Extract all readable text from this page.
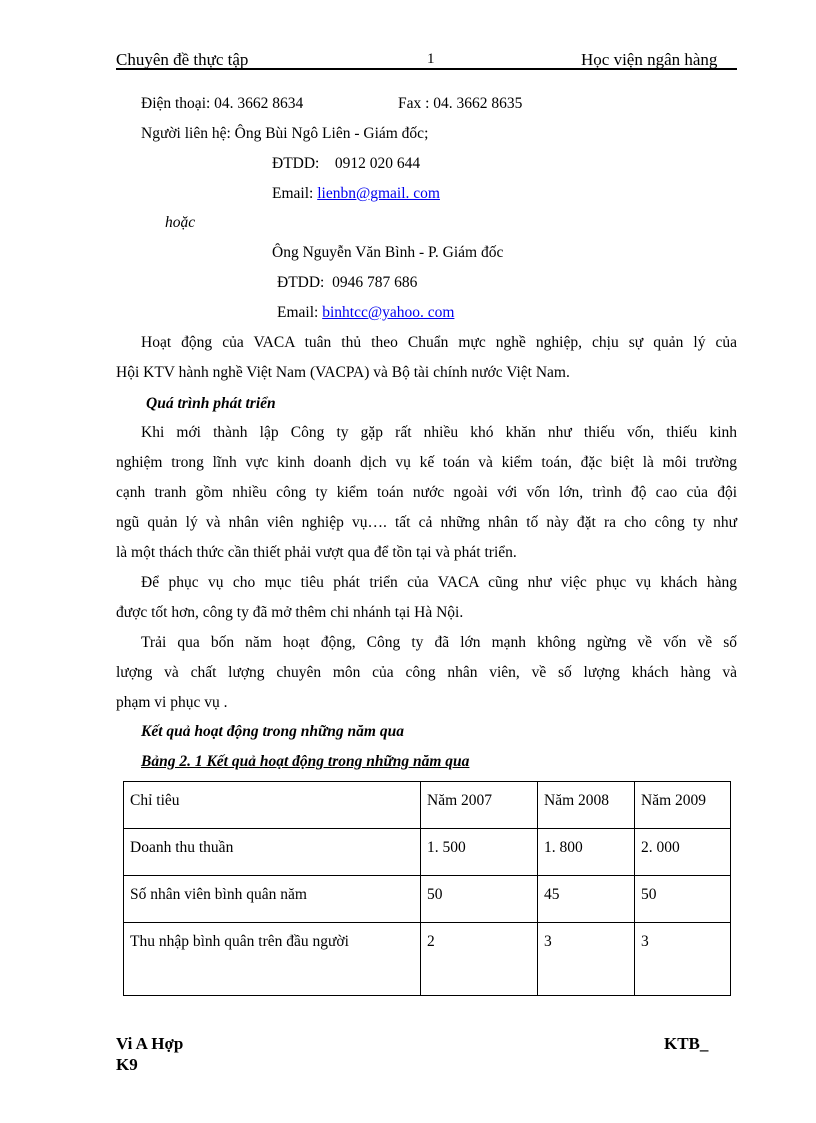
Chuyên đề thực tập	1	Học viện ngân hàng
Điện thoại: 04. 3662 8634	Fax : 04. 3662 8635
Người liên hệ: Ông Bùi Ngô Liên - Giám đốc;
ĐTDD:    0912 020 644
Email: lienbn@gmail. com
hoặc
Ông Nguyễn Văn Bình - P. Giám đốc
ĐTDD:  0946 787 686
Email: binhtcc@yahoo. com
Hoạt động của VACA tuân thủ theo Chuẩn mực nghề nghiệp, chịu sự quản lý của
Hội KTV hành nghề Việt Nam (VACPA) và Bộ tài chính nước Việt Nam.
Quá trình phát triển
Khi mới thành lập Công ty gặp rất nhiều khó khăn như thiếu vốn, thiếu kinh
nghiệm trong lĩnh vực kinh doanh dịch vụ kế toán và kiểm toán, đặc biệt là môi trường
cạnh tranh gồm nhiều công ty kiểm toán nước ngoài với vốn lớn, trình độ cao của đội
ngũ quản lý và nhân viên nghiệp vụ…. tất cả những nhân tố này đặt ra cho công ty như
là một thách thức cần thiết phải vượt qua để tồn tại và phát triển.
Để phục vụ cho mục tiêu phát triển của VACA cũng như việc phục vụ khách hàng
được tốt hơn, công ty đã mở thêm chi nhánh tại Hà Nội.
Trải qua bốn năm hoạt động, Công ty đã lớn mạnh không ngừng về vốn về số
lượng và chất lượng chuyên môn của công nhân viên, về số lượng khách hàng và
phạm vi phục vụ .
Kết quả hoạt động trong những năm qua
Bảng 2. 1 Kết quả hoạt động trong những năm qua
Chỉ tiêu	Năm 2007	Năm 2008	Năm 2009
Doanh thu thuần	1. 500	1. 800	2. 000
Số nhân viên bình quân năm	50	45	50
Thu nhập bình quân trên đầu người	2	3	3
Vi A Hợp
K9
KTB_
